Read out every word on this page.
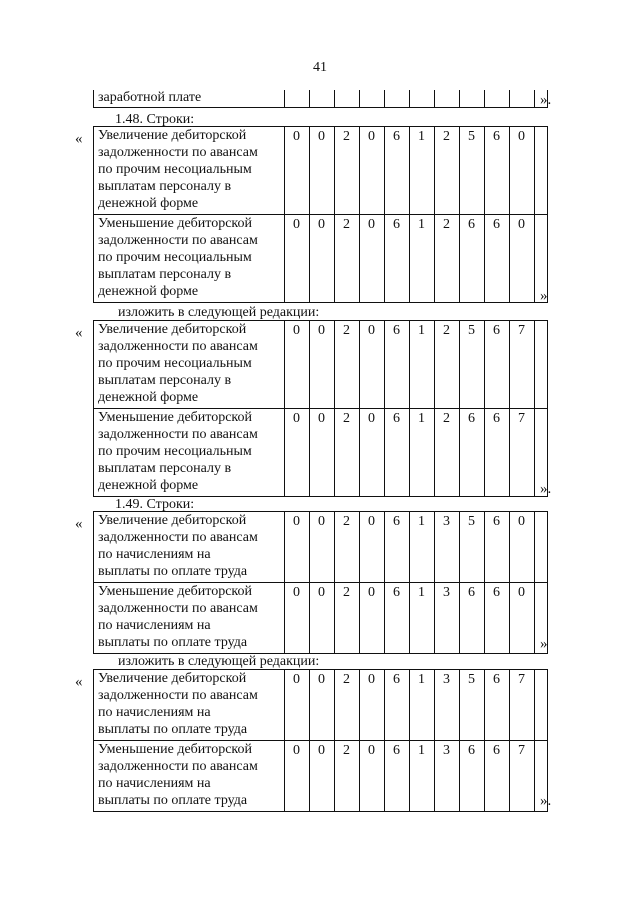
41
заработной плате
												».
1.48. Строки:
«
»
Увеличение дебиторской
задолженности по авансам
по прочим несоциальным
выплатам персоналу в
денежной форме	0	0	2	0	6	1	2	5	6	0	

Уменьшение дебиторской
задолженности по авансам
по прочим несоциальным
выплатам персоналу в
денежной форме	0	0	2	0	6	1	2	6	6	0	
изложить в следующей редакции:
«
».
Увеличение дебиторской
задолженности по авансам
по прочим несоциальным
выплатам персоналу в
денежной форме	0	0	2	0	6	1	2	5	6	7	

Уменьшение дебиторской
задолженности по авансам
по прочим несоциальным
выплатам персоналу в
денежной форме	0	0	2	0	6	1	2	6	6	7	
1.49. Строки:
«
»
Увеличение дебиторской
задолженности по авансам
по начислениям на
выплаты по оплате труда	0	0	2	0	6	1	3	5	6	0	

Уменьшение дебиторской
задолженности по авансам
по начислениям на
выплаты по оплате труда	0	0	2	0	6	1	3	6	6	0	
изложить в следующей редакции:
«
».
Увеличение дебиторской
задолженности по авансам
по начислениям на
выплаты по оплате труда	0	0	2	0	6	1	3	5	6	7	

Уменьшение дебиторской
задолженности по авансам
по начислениям на
выплаты по оплате труда	0	0	2	0	6	1	3	6	6	7	
